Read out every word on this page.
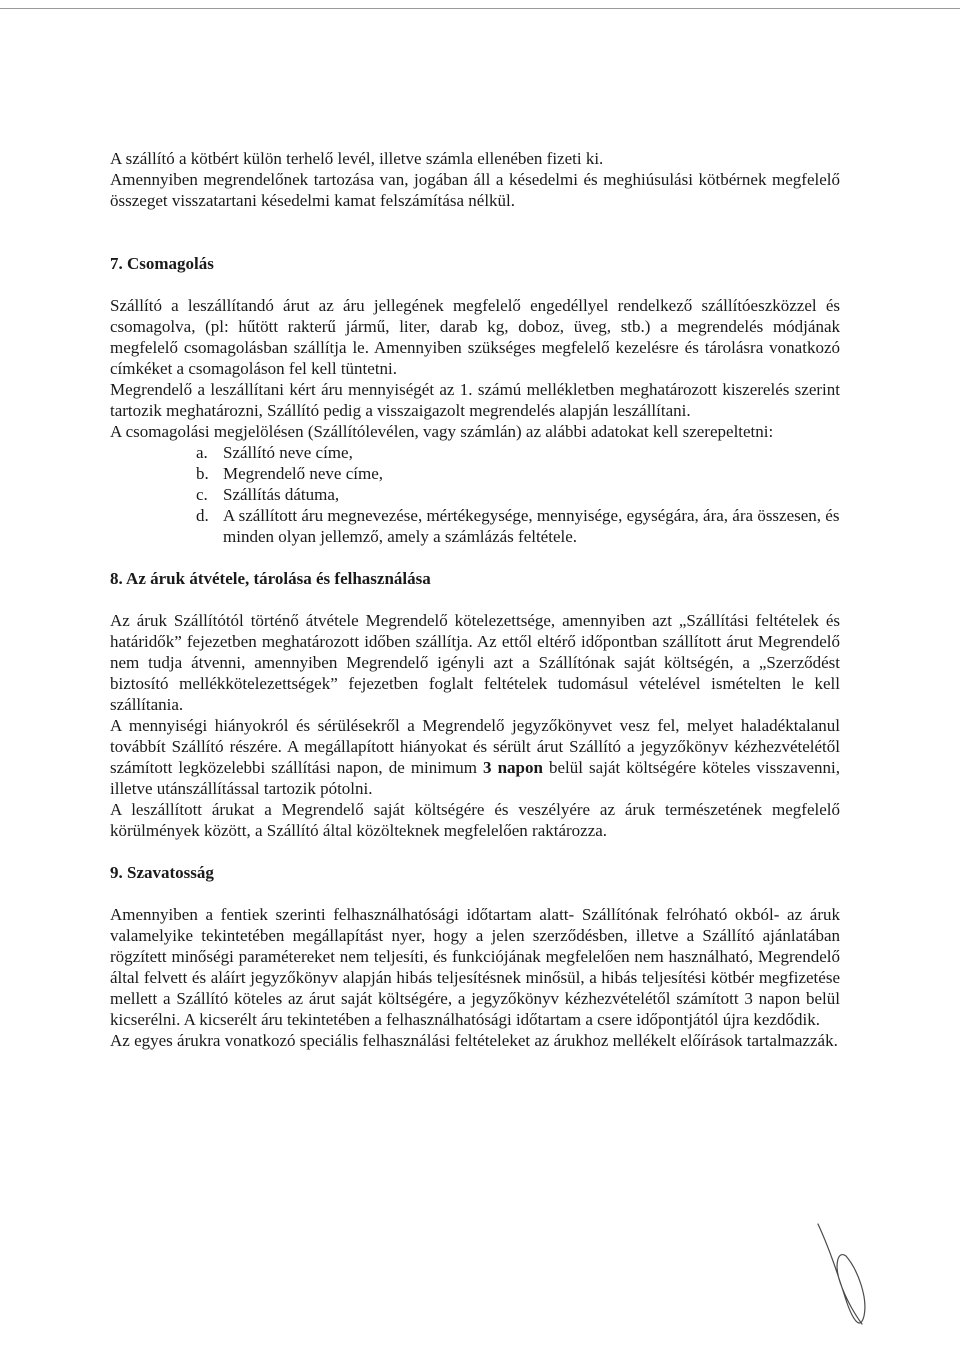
A szállító a kötbért külön terhelő levél, illetve számla ellenében fizeti ki.

Amennyiben megrendelőnek tartozása van, jogában áll a késedelmi és meghiúsulási kötbérnek megfelelő összeget visszatartani késedelmi kamat felszámítása nélkül.

7. Csomagolás

Szállító a leszállítandó árut az áru jellegének megfelelő engedéllyel rendelkező szállítóeszközzel és csomagolva, (pl: hűtött rakterű jármű, liter, darab kg, doboz, üveg, stb.) a megrendelés módjának megfelelő csomagolásban szállítja le. Amennyiben szükséges megfelelő kezelésre és tárolásra vonatkozó címkéket a csomagoláson fel kell tüntetni.

Megrendelő a leszállítani kért áru mennyiségét az 1. számú mellékletben meghatározott kiszerelés szerint tartozik meghatározni, Szállító pedig a visszaigazolt megrendelés alapján leszállítani.

A csomagolási megjelölésen (Szállítólevélen, vagy számlán) az alábbi adatokat kell szerepeltetni:

a. Szállító neve címe,
b. Megrendelő neve címe,
c. Szállítás dátuma,
d. A szállított áru megnevezése, mértékegysége, mennyisége, egységára, ára, ára összesen, és minden olyan jellemző, amely a számlázás feltétele.

8. Az áruk átvétele, tárolása és felhasználása

Az áruk Szállítótól történő átvétele Megrendelő kötelezettsége, amennyiben azt „Szállítási feltételek és határidők” fejezetben meghatározott időben szállítja. Az ettől eltérő időpontban szállított árut Megrendelő nem tudja átvenni, amennyiben Megrendelő igényli azt a Szállítónak saját költségén, a „Szerződést biztosító mellékkötelezettségek” fejezetben foglalt feltételek tudomásul vételével ismételten le kell szállítania.

A mennyiségi hiányokról és sérülésekről a Megrendelő jegyzőkönyvet vesz fel, melyet haladéktalanul továbbít Szállító részére. A megállapított hiányokat és sérült árut Szállító a jegyzőkönyv kézhezvételétől számított legközelebbi szállítási napon, de minimum 3 napon belül saját költségére köteles visszavenni, illetve utánszállítással tartozik pótolni.

A leszállított árukat a Megrendelő saját költségére és veszélyére az áruk természetének megfelelő körülmények között, a Szállító által közölteknek megfelelően raktározza.

9. Szavatosság

Amennyiben a fentiek szerinti felhasználhatósági időtartam alatt- Szállítónak felróható okból- az áruk valamelyike tekintetében megállapítást nyer, hogy a jelen szerződésben, illetve a Szállító ajánlatában rögzített minőségi paramétereket nem teljesíti, és funkciójának megfelelően nem használható, Megrendelő által felvett és aláírt jegyzőkönyv alapján hibás teljesítésnek minősül, a hibás teljesítési kötbér megfizetése mellett a Szállító köteles az árut saját költségére, a jegyzőkönyv kézhezvételétől számított 3 napon belül kicserélni. A kicserélt áru tekintetében a felhasználhatósági időtartam a csere időpontjától újra kezdődik.

Az egyes árukra vonatkozó speciális felhasználási feltételeket az árukhoz mellékelt előírások tartalmazzák.
